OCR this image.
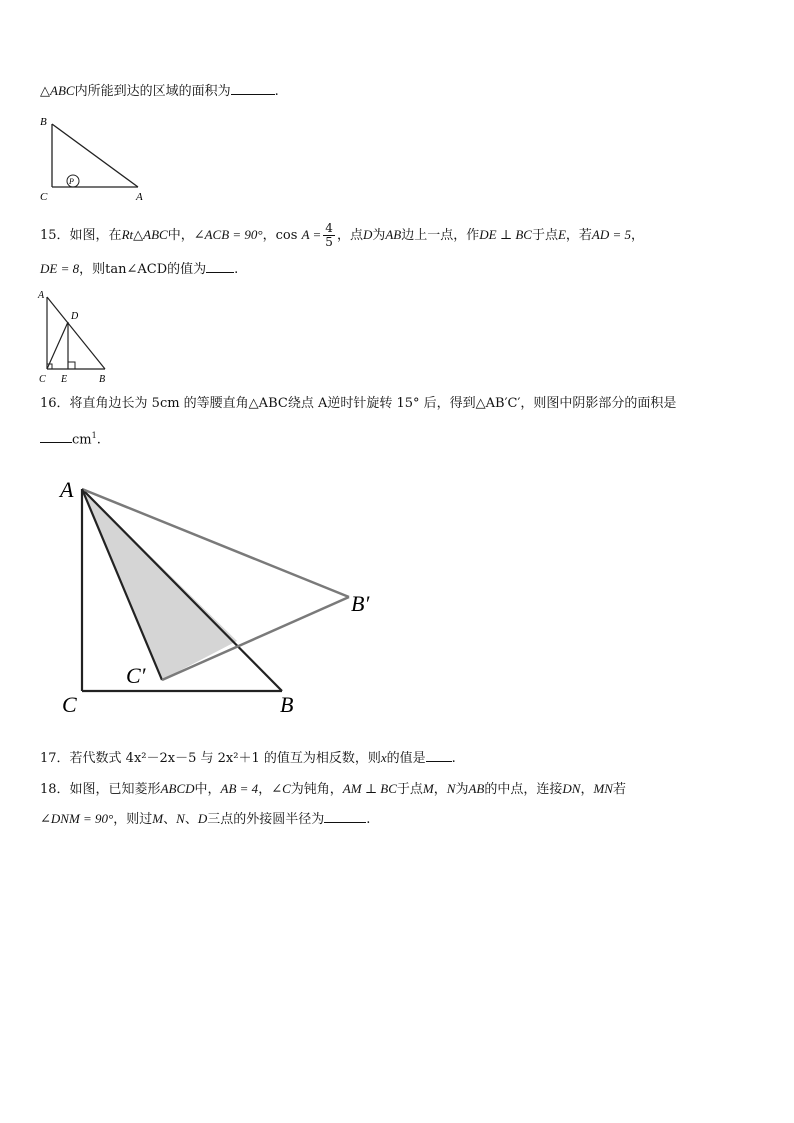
△ABC内所能到达的区域的面积为	.
B
C	A
P
15．如图，在Rt△ABC中，∠ACB = 90°，$\cos A = \frac{4}{5}$ ，点D为AB边上一点，作DE ⊥ BC于点E，若AD = 5，
DE = 8，则tan∠ACD的值为 .
A
D
C E	B
16．将直角边长为 5cm 的等腰直角△ABC绕点 A逆时针旋转 15° 后，得到△AB′C′，则图中阴影部分的面积是
$cm^1$.
A
B′
C′
C	B
17．若代数式 4x²－2x－5 与 2x²＋1 的值互为相反数，则x的值是 .
18．如图，已知菱形ABCD中，AB = 4，∠C为钝角，AM ⊥ BC于点M，N为AB的中点，连接DN，MN若
∠DNM = 90°，则过M、N、D三点的外接圆半径为	.
